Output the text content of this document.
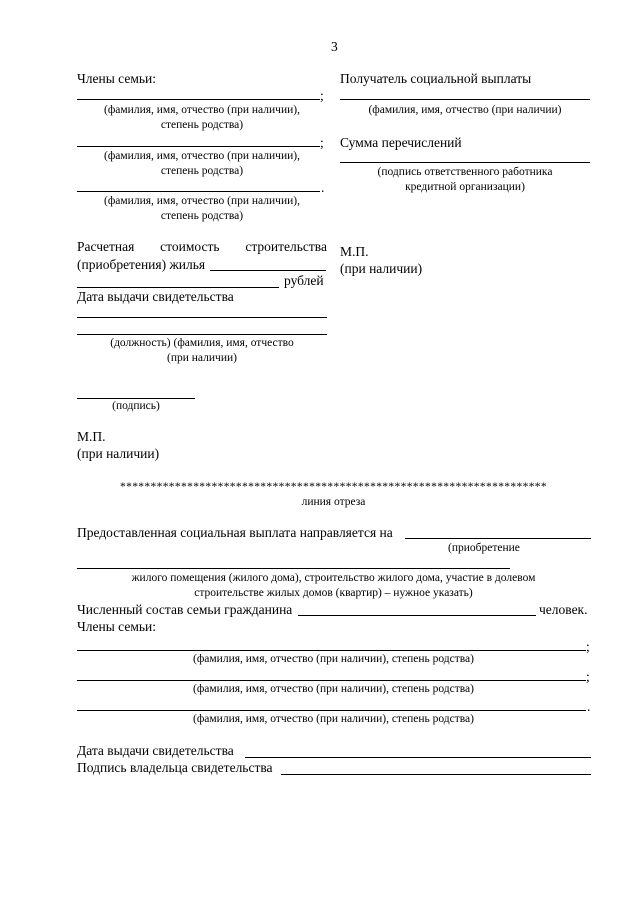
3
Члены семьи:
;
(фамилия, имя, отчество (при наличии),
степень родства)
;
(фамилия, имя, отчество (при наличии),
степень родства)
.
(фамилия, имя, отчество (при наличии),
степень родства)
Расчетная стоимость строительства
(приобретения) жилья
рублей
Дата выдачи свидетельства
(должность) (фамилия, имя, отчество
(при наличии)
(подпись)
М.П.
(при наличии)
Получатель социальной выплаты
(фамилия, имя, отчество (при наличии)
Сумма перечислений
(подпись ответственного работника
кредитной организации)
М.П.
(при наличии)
**********************************************************************
линия отреза
Предоставленная социальная выплата направляется на
(приобретение
жилого помещения (жилого дома), строительство жилого дома, участие в долевом
строительстве жилых домов (квартир) – нужное указать)
Численный состав семьи гражданина	человек.
Члены семьи:
;
(фамилия, имя, отчество (при наличии), степень родства)
;
(фамилия, имя, отчество (при наличии), степень родства)
.
(фамилия, имя, отчество (при наличии), степень родства)
Дата выдачи свидетельства
Подпись владельца свидетельства
